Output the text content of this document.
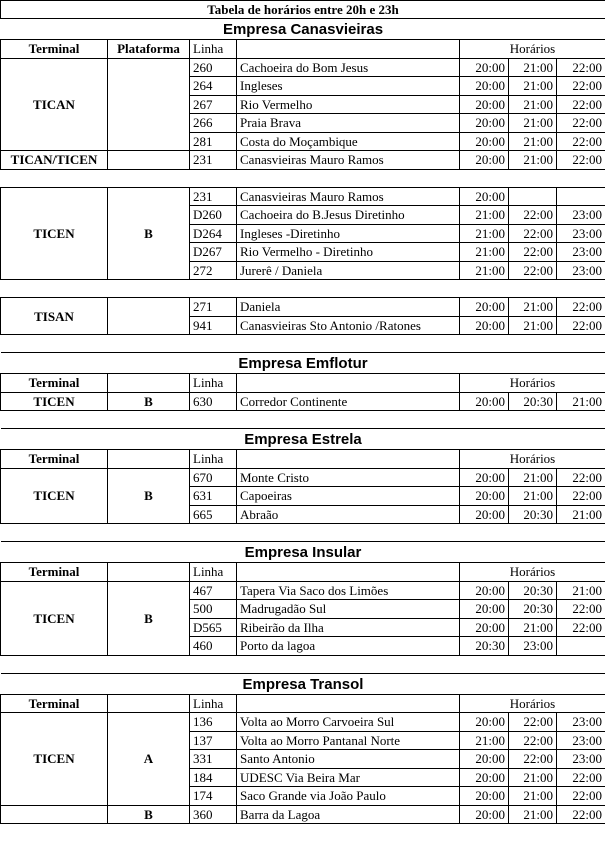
Tabela de horários entre 20h e 23h						
Empresa Canasvieiras						
Terminal	Plataforma	Linha		Horários		
TICAN		260	Cachoeira do Bom Jesus	20:00	21:00	22:00
		264	Ingleses	20:00	21:00	22:00
		267	Rio Vermelho	20:00	21:00	22:00
		266	Praia Brava	20:00	21:00	22:00
		281	Costa do Moçambique	20:00	21:00	22:00
TICAN/TICEN		231	Canasvieiras Mauro Ramos	20:00	21:00	22:00

TICEN	B	231	Canasvieiras Mauro Ramos	20:00		
		D260	Cachoeira do B.Jesus Diretinho	21:00	22:00	23:00
		D264	Ingleses -Diretinho	21:00	22:00	23:00
		D267	Rio Vermelho - Diretinho	21:00	22:00	23:00
		272	Jurerê / Daniela	21:00	22:00	23:00

TISAN		271	Daniela	20:00	21:00	22:00
		941	Canasvieiras Sto Antonio /Ratones	20:00	21:00	22:00

Empresa Emflotur						
Terminal		Linha		Horários		
TICEN	B	630	Corredor Continente	20:00	20:30	21:00

Empresa Estrela						
Terminal		Linha		Horários		
TICEN	B	670	Monte Cristo	20:00	21:00	22:00
		631	Capoeiras	20:00	21:00	22:00
		665	Abraão	20:00	20:30	21:00

Empresa Insular						
Terminal		Linha		Horários		
TICEN	B	467	Tapera Via Saco dos Limões	20:00	20:30	21:00
		500	Madrugadão Sul	20:00	20:30	22:00
		D565	Ribeirão da Ilha	20:00	21:00	22:00
		460	Porto da lagoa	20:30	23:00	

Empresa Transol						
Terminal		Linha		Horários		
TICEN	A	136	Volta ao Morro Carvoeira Sul	20:00	22:00	23:00
		137	Volta ao Morro Pantanal Norte	21:00	22:00	23:00
		331	Santo Antonio	20:00	22:00	23:00
		184	UDESC Via Beira Mar	20:00	21:00	22:00
		174	Saco Grande via João Paulo	20:00	21:00	22:00
	B	360	Barra da Lagoa	20:00	21:00	22:00
